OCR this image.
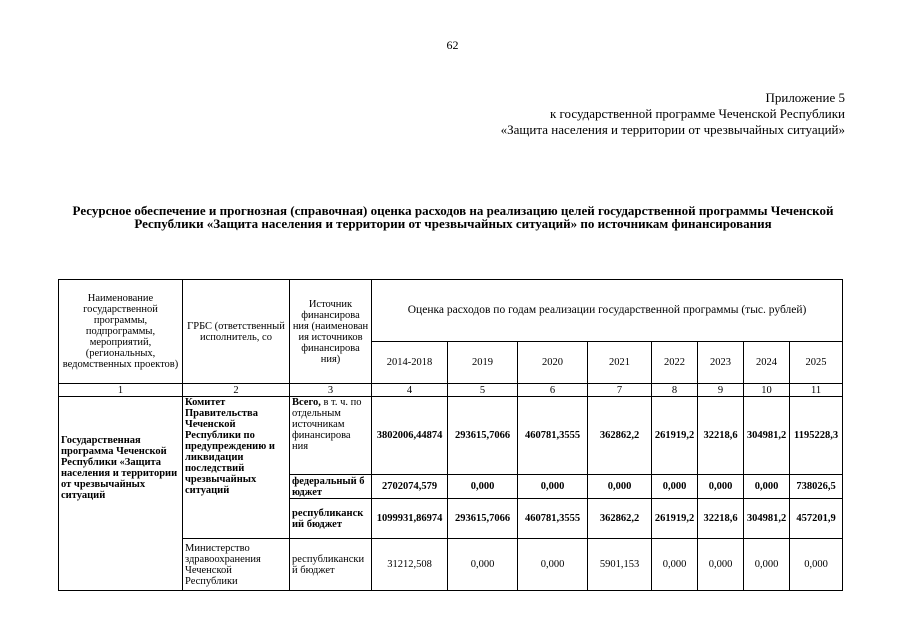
62
Приложение 5
к государственной программе Чеченской Республики
«Защита населения и территории от чрезвычайных ситуаций»
Ресурсное обеспечение и прогнозная (справочная) оценка расходов на реализацию целей государственной программы Чеченской Республики «Защита населения и территории от чрезвычайных ситуаций» по источникам финансирования
Наименование государственной программы, подпрограммы, мероприятий, (региональных, ведомственных проектов)	ГРБС (ответственный исполнитель, со	Источник финансирова ния (наименован ия источников финансирова ния)	Оценка расходов по годам реализации государственной программы (тыс. рублей)							
			2014-2018	2019	2020	2021	2022	2023	2024	2025
1	2	3	4	5	6	7	8	9	10	11
Государственная программа Чеченской Республики «Защита населения и территории от чрезвычайных ситуаций	Комитет Правительства Чеченской Республики по предупреждению и ликвидации последствий чрезвычайных ситуаций	Всего, в т. ч. по отдельным источникам финансирова ния	3802006,44874	293615,7066	460781,3555	362862,2	261919,2	32218,6	304981,2	1195228,3
		федеральный бюджет	2702074,579	0,000	0,000	0,000	0,000	0,000	0,000	738026,5
		республиканский бюджет	1099931,86974	293615,7066	460781,3555	362862,2	261919,2	32218,6	304981,2	457201,9
	Министерство здравоохранения Чеченской Республики	республиканский бюджет	31212,508	0,000	0,000	5901,153	0,000	0,000	0,000	0,000
